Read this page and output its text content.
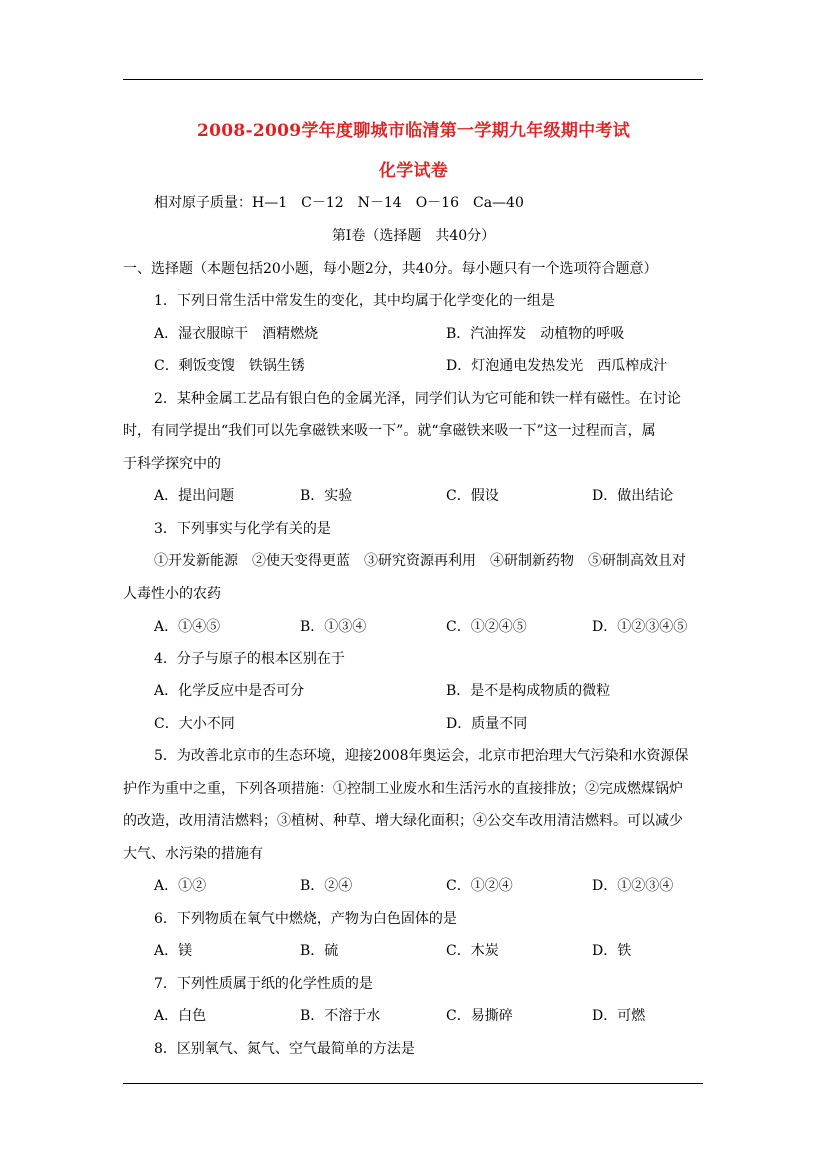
2008-2009学年度聊城市临清第一学期九年级期中考试
化学试卷
相对原子质量：H—1　C－12　N－14　O－16　Ca—40
第Ⅰ卷（选择题　共40分）
一、选择题（本题包括20小题，每小题2分，共40分。每小题只有一个选项符合题意）
1．下列日常生活中常发生的变化，其中均属于化学变化的一组是
A．湿衣服晾干　酒精燃烧	B．汽油挥发　动植物的呼吸
C．剩饭变馊　铁锅生锈	D．灯泡通电发热发光　西瓜榨成汁
2．某种金属工艺品有银白色的金属光泽，同学们认为它可能和铁一样有磁性。在讨论
时，有同学提出“我们可以先拿磁铁来吸一下”。就“拿磁铁来吸一下”这一过程而言，属
于科学探究中的
A．提出问题	B．实验	C．假设	D．做出结论
3．下列事实与化学有关的是
①开发新能源　②使天变得更蓝　③研究资源再利用　④研制新药物　⑤研制高效且对
人毒性小的农药
A．①④⑤	B．①③④	C．①②④⑤	D．①②③④⑤
4．分子与原子的根本区别在于
A．化学反应中是否可分	B．是不是构成物质的微粒
C．大小不同	D．质量不同
5．为改善北京市的生态环境，迎接2008年奥运会，北京市把治理大气污染和水资源保
护作为重中之重，下列各项措施：①控制工业废水和生活污水的直接排放；②完成燃煤锅炉
的改造，改用清洁燃料；③植树、种草、增大绿化面积；④公交车改用清洁燃料。可以减少
大气、水污染的措施有
A．①②	B．②④	C．①②④	D．①②③④
6．下列物质在氧气中燃烧，产物为白色固体的是
A．镁	B．硫	C．木炭	D．铁
7．下列性质属于纸的化学性质的是
A．白色	B．不溶于水	C．易撕碎	D．可燃
8．区别氧气、氮气、空气最简单的方法是
